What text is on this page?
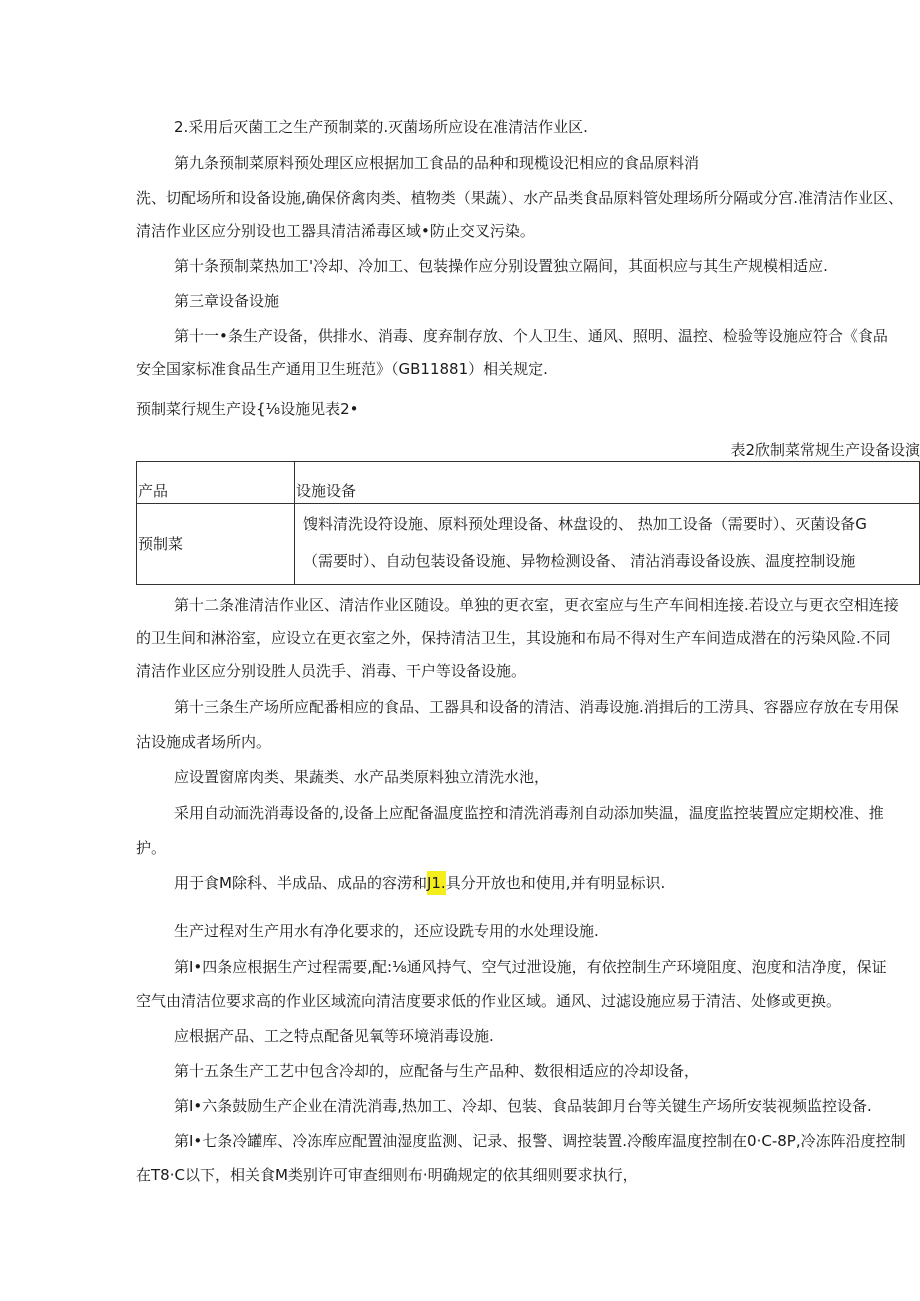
2.采用后灭菌工之生产预制菜的.灭菌场所应设在准清洁作业区.
第九条预制菜原料预处理区应根据加工食品的品种和现榄设汜相应的食品原料消
洗、切配场所和设备设施,确保侪禽肉类、植物类（果蔬）、水产品类食品原料管处理场所分隔或分宫.准清洁作业区、
清洁作业区应分别设也工器具清洁浠毒区域•防止交叉污染。
第十条预制菜热加工'冷却、冷加工、包装操作应分别设置独立隔间，其面枳应与其生产规模相适应.
第三章设备设施
第十一•条生产设备，供排水、消毒、度弃制存放、个人卫生、通风、照明、温控、检验等设施应符合《食品
安全国家标准食品生产通用卫生班范》（GB11881）相关规定.
预制菜行规生产设{⅛设施见表2•
表2欣制菜常规生产设备设演
产品	设施设备
预制菜	馊料清洗设符设施、原料预处理设备、林盘设的、 热加工设备（需要时）、灭菌设备G
（需要时）、自动包装设备设施、异物检测设备、 清沾消毒设备设族、温度控制设施
第十二条准清洁作业区、清洁作业区随设。单独的更衣室，更衣室应与生产车间相连接.若设立与更衣空相连接
的卫生间和淋浴室，应设立在更衣室之外，保持清洁卫生，其设施和布局不得对生产车间造成潜在的污染风险.不同
清洁作业区应分别设胜人员洗手、消毒、干户等设备设施。
第十三条生产场所应配番相应的食品、工器具和设备的清洁、消毒设施.消揖后的工涝具、容器应存放在专用保
沽设施成者场所内。
应设置窗席肉类、果蔬类、水产品类原料独立清洗水池，
采用自动洏洗消毒设备的,设备上应配备温度监控和清洗消毒剂自动添加奘温，温度监控装置应定期校准、推
护。
用于食M除科、半成品、成品的容涝和J1.具分开放也和使用,并有明显标识.
生产过程对生产用水有净化要求的，还应设跣专用的水处理设施.
第I•四条应根据生产过程需要,配:⅛通风持气、空气过泄设施，有依控制生产环境阻度、泡度和洁净度，保证
空气由清洁位要求高的作业区域流向清洁度要求低的作业区域。通风、过滤设施应易于清洁、处修或更换。
应根据产品、工之特点配备见氧等环境消毒设施.
第十五条生产工艺中包含冷却的，应配备与生产品种、数很相适应的冷却设备，
第I•六条鼓励生产企业在清洗消毒,热加工、冷却、包装、食品装卸月台等关键生产场所安装视频监控设备.
第I•七条冷罐库、冷冻库应配置油湿度监测、记录、报警、调控装置.冷酸库温度控制在0·C-8P,冷冻阵沿度控制
在T8·C以下，相关食M类别许可审查细则布·明确规定的依其细则要求执行，
